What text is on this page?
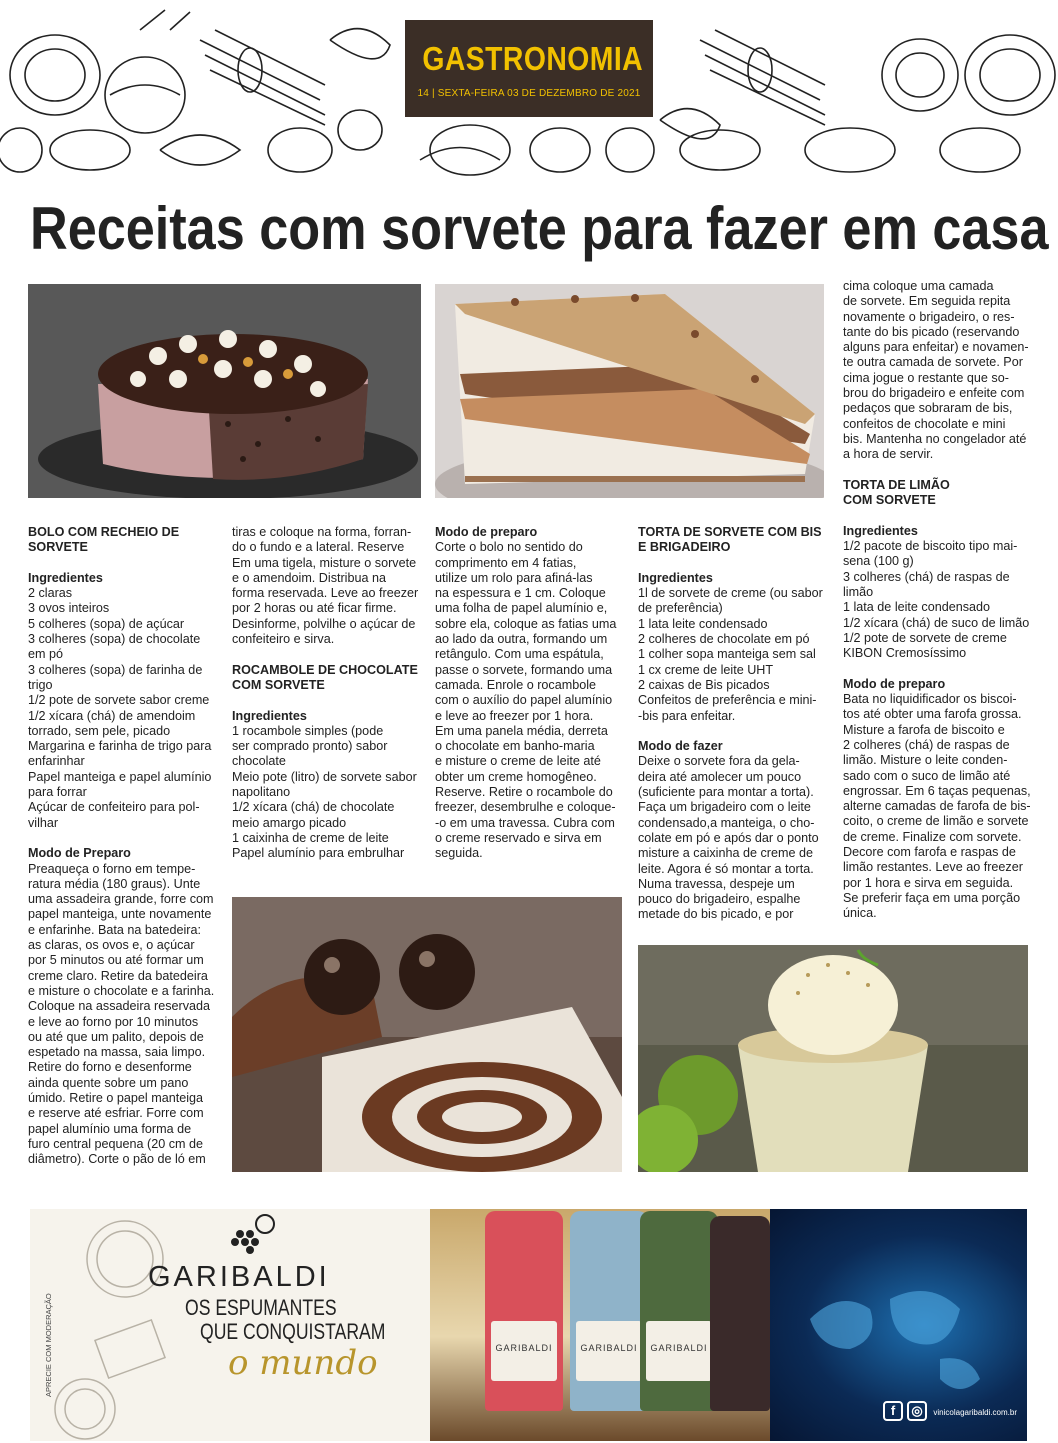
GASTRONOMIA
14 | SEXTA-FEIRA 03 DE DEZEMBRO DE 2021
Receitas com sorvete para fazer em casa

BOLO COM RECHEIO DE
SORVETE

Ingredientes

2 claras
3 ovos inteiros
5 colheres (sopa) de açúcar
3 colheres (sopa) de chocolate
em pó
3 colheres (sopa) de farinha de
trigo
1/2 pote de sorvete sabor creme
1/2 xícara (chá) de amendoim
torrado, sem pele, picado
Margarina e farinha de trigo para
enfarinhar
Papel manteiga e papel alumínio
para forrar
Açúcar de confeiteiro para pol-
vilhar

Modo de Preparo

Preaqueça o forno em tempe-
ratura média (180 graus). Unte
uma assadeira grande, forre com
papel manteiga, unte novamente
e enfarinhe. Bata na batedeira:
as claras, os ovos e, o açúcar
por 5 minutos ou até formar um
creme claro. Retire da batedeira
e misture o chocolate e a farinha.
Coloque na assadeira reservada
e leve ao forno por 10 minutos
ou até que um palito, depois de
espetado na massa, saia limpo.
Retire do forno e desenforme
ainda quente sobre um pano
úmido. Retire o papel manteiga
e reserve até esfriar. Forre com
papel alumínio uma forma de
furo central pequena (20 cm de
diâmetro). Corte o pão de ló em

tiras e coloque na forma, forran-
do o fundo e a lateral. Reserve
Em uma tigela, misture o sorvete
e o amendoim. Distribua na
forma reservada. Leve ao freezer
por 2 horas ou até ficar firme.
Desinforme, polvilhe o açúcar de
confeiteiro e sirva.

ROCAMBOLE DE CHOCOLATE
COM SORVETE

Ingredientes

1 rocambole simples (pode
ser comprado pronto) sabor
chocolate
Meio pote (litro) de sorvete sabor
napolitano
1/2 xícara (chá) de chocolate
meio amargo picado
1 caixinha de creme de leite
Papel alumínio para embrulhar

Modo de preparo

Corte o bolo no sentido do
comprimento em 4 fatias,
utilize um rolo para afiná-las
na espessura e 1 cm. Coloque
uma folha de papel alumínio e,
sobre ela, coloque as fatias uma
ao lado da outra, formando um
retângulo. Com uma espátula,
passe o sorvete, formando uma
camada. Enrole o rocambole
com o auxílio do papel alumínio
e leve ao freezer por 1 hora.
Em uma panela média, derreta
o chocolate em banho-maria
e misture o creme de leite até
obter um creme homogêneo.
Reserve. Retire o rocambole do
freezer, desembrulhe e coloque-
-o em uma travessa. Cubra com
o creme reservado e sirva em
seguida.

TORTA DE SORVETE COM BIS
E BRIGADEIRO

Ingredientes

1l de sorvete de creme (ou sabor
de preferência)
1 lata leite condensado
2 colheres de chocolate em pó
1 colher sopa manteiga sem sal
1 cx creme de leite UHT
2 caixas de Bis picados
Confeitos de preferência e mini-
-bis para enfeitar.

Modo de fazer

Deixe o sorvete fora da gela-
deira até amolecer um pouco
(suficiente para montar a torta).
Faça um brigadeiro com o leite
condensado,a manteiga, o cho-
colate em pó e após dar o ponto
misture a caixinha de creme de
leite. Agora é só montar a torta.
Numa travessa, despeje um
pouco do brigadeiro, espalhe
metade do bis picado, e por

cima coloque uma camada
de sorvete. Em seguida repita
novamente o brigadeiro, o res-
tante do bis picado (reservando
alguns para enfeitar) e novamen-
te outra camada de sorvete. Por
cima jogue o restante que so-
brou do brigadeiro e enfeite com
pedaços que sobraram de bis,
confeitos de chocolate e mini
bis. Mantenha no congelador até
a hora de servir.

TORTA DE LIMÃO
COM SORVETE

Ingredientes

1/2 pacote de biscoito tipo mai-
sena (100 g)
3 colheres (chá) de raspas de
limão
1 lata de leite condensado
1/2 xícara (chá) de suco de limão
1/2 pote de sorvete de creme
KIBON Cremosíssimo

Modo de preparo

Bata no liquidificador os biscoi-
tos até obter uma farofa grossa.
Misture a farofa de biscoito e
2 colheres (chá) de raspas de
limão. Misture o leite conden-
sado com o suco de limão até
engrossar. Em 6 taças pequenas,
alterne camadas de farofa de bis-
coito, o creme de limão e sorvete
de creme. Finalize com sorvete.
Decore com farofa e raspas de
limão restantes. Leve ao freezer
por 1 hora e sirva em seguida.
Se preferir faça em uma porção
única.

APRECIE COM MODERAÇÃO
GARIBALDI
OS ESPUMANTES
QUE CONQUISTARAM
o mundo	GARIBALDI	GARIBALDI	GARIBALDI
f	◎	vinicolagaribaldi.com.br
